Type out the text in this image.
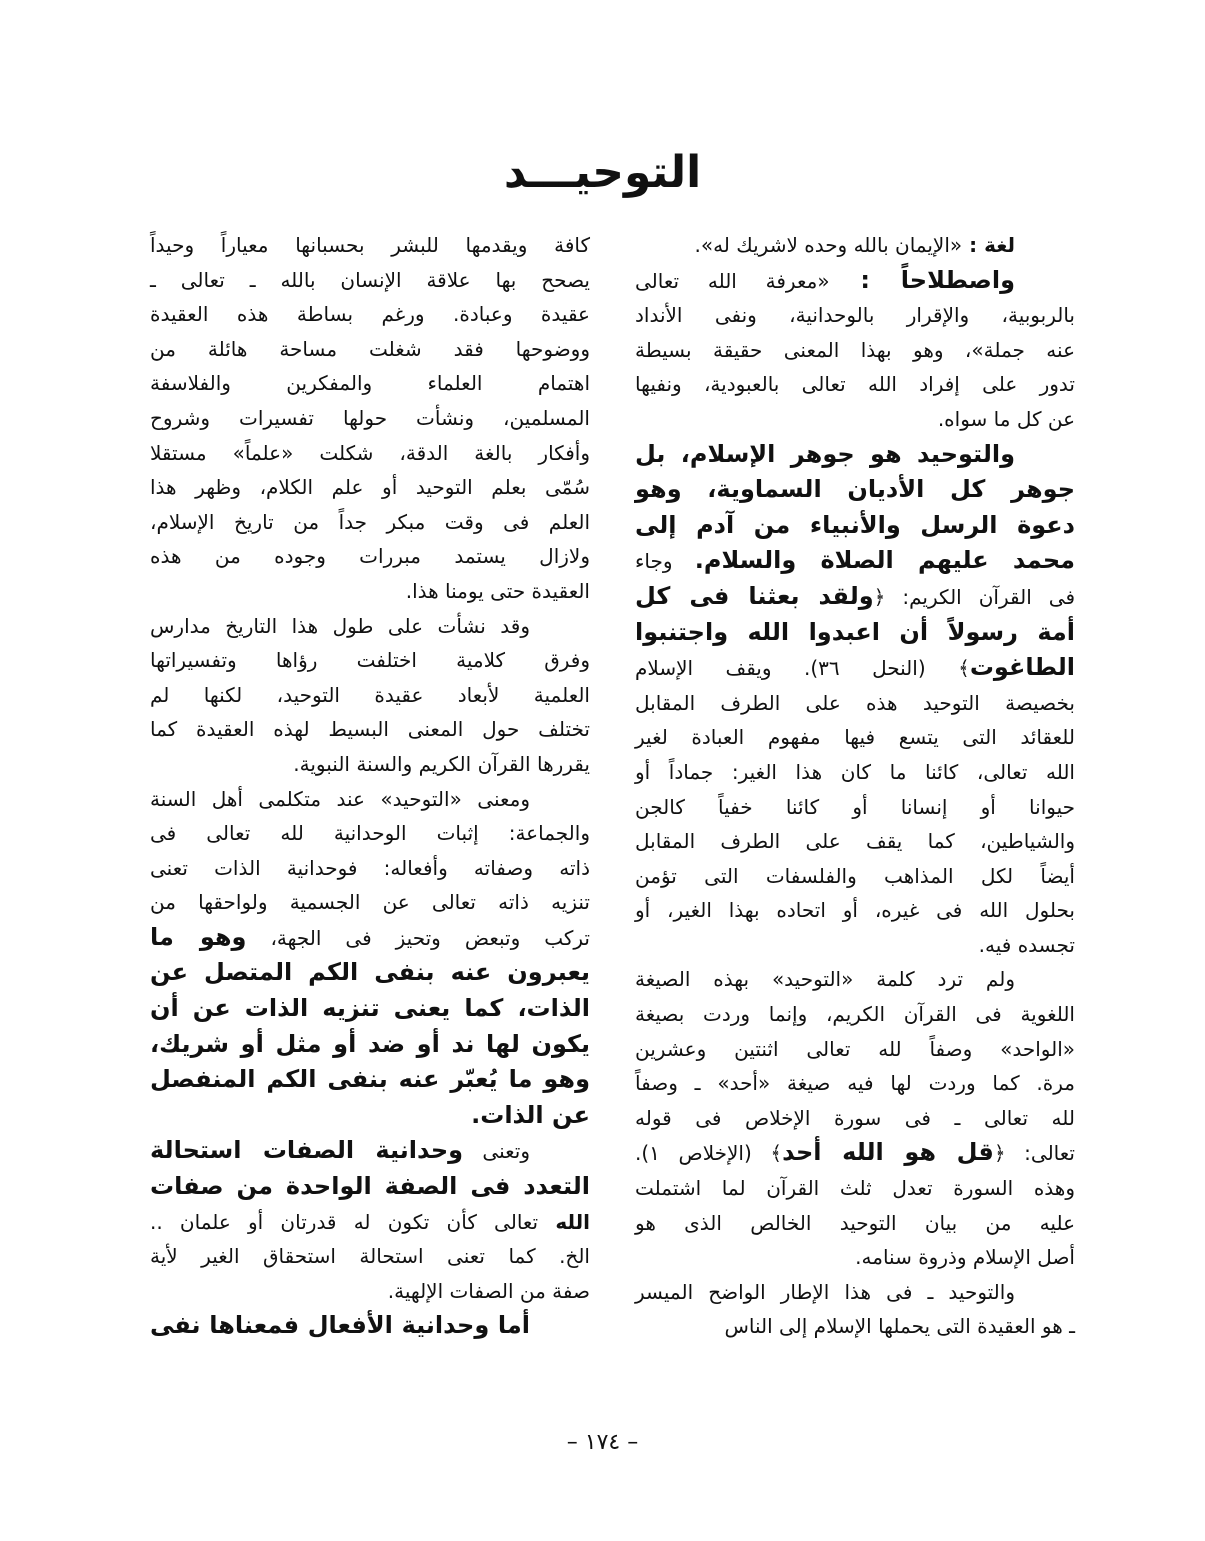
التوحيـــد
لغة : «الإيمان بالله وحده لاشريك له».
واصطلاحاً : «معرفة الله تعالى
بالربوبية، والإقرار بالوحدانية، ونفى الأنداد
عنه جملة»، وهو بهذا المعنى حقيقة بسيطة
تدور على إفراد الله تعالى بالعبودية، ونفيها
عن كل ما سواه.
والتوحيد هو جوهر الإسلام، بل
جوهر كل الأديان السماوية، وهو
دعوة الرسل والأنبياء من آدم إلى
محمد عليهم الصلاة والسلام. وجاء
فى القرآن الكريم: ﴿ولقد بعثنا فى كل
أمة رسولاً أن اعبدوا الله واجتنبوا
الطاغوت﴾ (النحل ٣٦). ويقف الإسلام
بخصيصة التوحيد هذه على الطرف المقابل
للعقائد التى يتسع فيها مفهوم العبادة لغير
الله تعالى، كائنا ما كان هذا الغير: جماداً أو
حيوانا أو إنسانا أو كائنا خفياً كالجن
والشياطين، كما يقف على الطرف المقابل
أيضاً لكل المذاهب والفلسفات التى تؤمن
بحلول الله فى غيره، أو اتحاده بهذا الغير، أو
تجسده فيه.
ولم ترد كلمة «التوحيد» بهذه الصيغة
اللغوية فى القرآن الكريم، وإنما وردت بصيغة
«الواحد» وصفاً لله تعالى اثنتين وعشرين
مرة. كما وردت لها فيه صيغة «أحد» ـ وصفاً
لله تعالى ـ فى سورة الإخلاص فى قوله
تعالى: ﴿قل هو الله أحد﴾ (الإخلاص ١).
وهذه السورة تعدل ثلث القرآن لما اشتملت
عليه من بيان التوحيد الخالص الذى هو
أصل الإسلام وذروة سنامه.
والتوحيد ـ فى هذا الإطار الواضح الميسر
ـ هو العقيدة التى يحملها الإسلام إلى الناس
كافة ويقدمها للبشر بحسبانها معياراً وحيداً
يصحح بها علاقة الإنسان بالله ـ تعالى ـ
عقيدة وعبادة. ورغم بساطة هذه العقيدة
ووضوحها فقد شغلت مساحة هائلة من
اهتمام العلماء والمفكرين والفلاسفة
المسلمين، ونشأت حولها تفسيرات وشروح
وأفكار بالغة الدقة، شكلت «علماً» مستقلا
سُمّى بعلم التوحيد أو علم الكلام، وظهر هذا
العلم فى وقت مبكر جداً من تاريخ الإسلام،
ولازال يستمد مبررات وجوده من هذه
العقيدة حتى يومنا هذا.
وقد نشأت على طول هذا التاريخ مدارس
وفرق كلامية اختلفت رؤاها وتفسيراتها
العلمية لأبعاد عقيدة التوحيد، لكنها لم
تختلف حول المعنى البسيط لهذه العقيدة كما
يقررها القرآن الكريم والسنة النبوية.
ومعنى «التوحيد» عند متكلمى أهل السنة
والجماعة: إثبات الوحدانية لله تعالى فى
ذاته وصفاته وأفعاله: فوحدانية الذات تعنى
تنزيه ذاته تعالى عن الجسمية ولواحقها من
تركب وتبعض وتحيز فى الجهة، وهو ما
يعبرون عنه بنفى الكم المتصل عن
الذات، كما يعنى تنزيه الذات عن أن
يكون لها ند أو ضد أو مثل أو شريك،
وهو ما يُعبّر عنه بنفى الكم المنفصل
عن الذات.
وتعنى وحدانية الصفات استحالة
التعدد فى الصفة الواحدة من صفات
الله تعالى كأن تكون له قدرتان أو علمان ..
الخ. كما تعنى استحالة استحقاق الغير لأية
صفة من الصفات الإلهية.
أما وحدانية الأفعال فمعناها نفى
– ١٧٤ –
